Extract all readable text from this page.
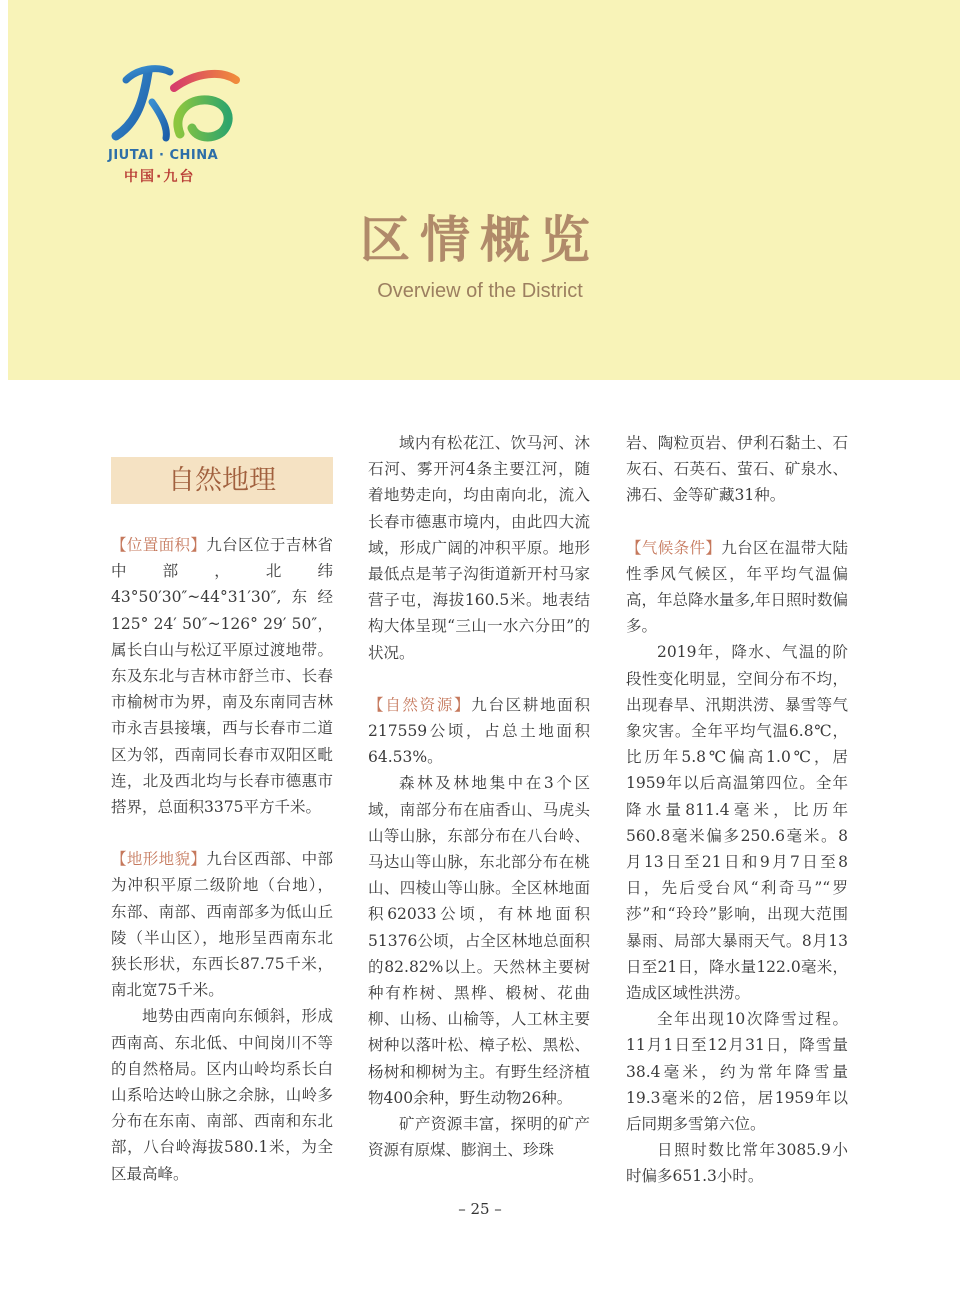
JIUTAI · CHINA
中国·九台
区情概览
Overview of the District
自然地理

【位置面积】九台区位于吉林省中部，北纬43°50′30″~44°31′30″,东经125° 24′ 50″~126° 29′ 50″，属长白山与松辽平原过渡地带。东及东北与吉林市舒兰市、长春市榆树市为界，南及东南同吉林市永吉县接壤，西与长春市二道区为邻，西南同长春市双阳区毗连，北及西北均与长春市德惠市搭界，总面积3375平方千米。

【地形地貌】九台区西部、中部为冲积平原二级阶地（台地），东部、南部、西南部多为低山丘陵（半山区），地形呈西南东北狭长形状，东西长87.75千米，南北宽75千米。

地势由西南向东倾斜，形成西南高、东北低、中间岗川不等的自然格局。区内山岭均系长白山系哈达岭山脉之余脉，山岭多分布在东南、南部、西南和东北部，八台岭海拔580.1米，为全区最高峰。

域内有松花江、饮马河、沐石河、雾开河4条主要江河，随着地势走向，均由南向北，流入长春市德惠市境内，由此四大流域，形成广阔的冲积平原。地形最低点是苇子沟街道新开村马家营子屯，海拔160.5米。地表结构大体呈现“三山一水六分田”的状况。

【自然资源】九台区耕地面积217559公顷，占总土地面积64.53%。

森林及林地集中在3个区域，南部分布在庙香山、马虎头山等山脉，东部分布在八台岭、马达山等山脉，东北部分布在桃山、四棱山等山脉。全区林地面积62033公顷，有林地面积51376公顷，占全区林地总面积的82.82%以上。天然林主要树种有柞树、黑桦、椴树、花曲柳、山杨、山榆等，人工林主要树种以落叶松、樟子松、黑松、杨树和柳树为主。有野生经济植物400余种，野生动物26种。

矿产资源丰富，探明的矿产资源有原煤、膨润土、珍珠

岩、陶粒页岩、伊利石黏土、石灰石、石英石、萤石、矿泉水、沸石、金等矿藏31种。

【气候条件】九台区在温带大陆性季风气候区，年平均气温偏高，年总降水量多,年日照时数偏多。

2019年，降水、气温的阶段性变化明显，空间分布不均，出现春旱、汛期洪涝、暴雪等气象灾害。全年平均气温6.8℃，比历年5.8℃偏高1.0℃，居1959年以后高温第四位。全年降水量811.4毫米，比历年560.8毫米偏多250.6毫米。8月13日至21日和9月7日至8日，先后受台风“利奇马”“罗莎”和“玲玲”影响，出现大范围暴雨、局部大暴雨天气。8月13日至21日，降水量122.0毫米，造成区域性洪涝。

全年出现10次降雪过程。11月1日至12月31日，降雪量38.4毫米，约为常年降雪量19.3毫米的2倍，居1959年以后同期多雪第六位。

日照时数比常年3085.9小时偏多651.3小时。

– 25 –
